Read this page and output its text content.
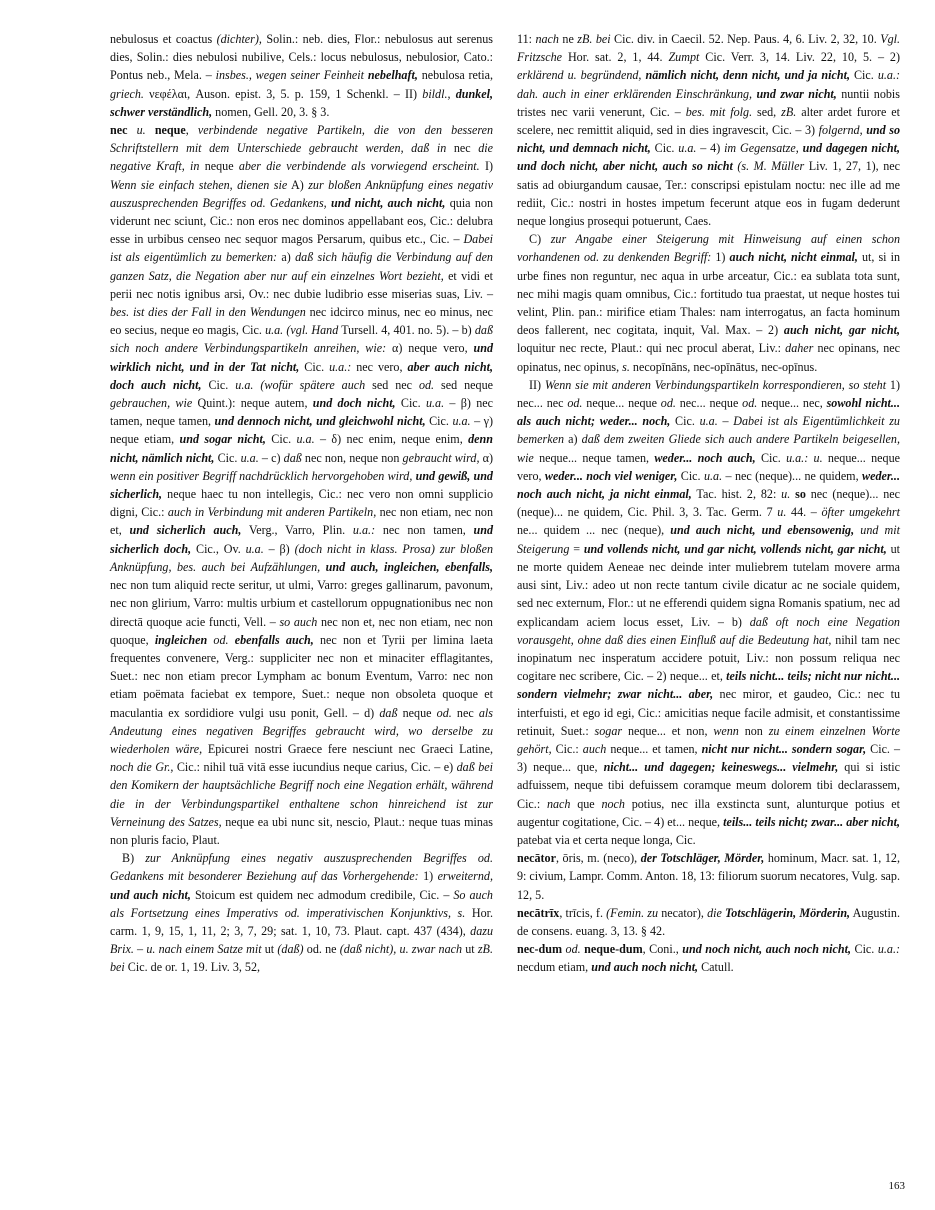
nebulosus et coactus (dichter), Solin.: neb. dies, Flor.: nebulosus aut serenus dies, Solin.: dies nebulosi nubilive, Cels.: locus nebulosus, nebulosior, Cato.: Pontus neb., Mela. – insbes., wegen seiner Feinheit nebelhaft, nebulosa retia, griech. νεφέλαι, Auson. epist. 3, 5. p. 159, 1 Schenkl. – II) bildl., dunkel, schwer verständlich, nomen, Gell. 20, 3. § 3.

nec u. neque, verbindende negative Partikeln, die von den besseren Schriftstellern mit dem Unterschiede gebraucht werden, daß in nec die negative Kraft, in neque aber die verbindende als vorwiegend erscheint. I) Wenn sie einfach stehen, dienen sie A) zur bloßen Anknüpfung eines negativ auszusprechenden Begriffes od. Gedankens, und nicht, auch nicht, quia non viderunt nec sciunt, Cic.: non eros nec dominos appellabant eos, Cic.: delubra esse in urbibus censeo nec sequor magos Persarum, quibus etc., Cic. – Dabei ist als eigentümlich zu bemerken: a) daß sich häufig die Verbindung auf den ganzen Satz, die Negation aber nur auf ein einzelnes Wort bezieht, et vidi et perii nec notis ignibus arsi, Ov.: nec dubie ludibrio esse miserias suas, Liv. – bes. ist dies der Fall in den Wendungen nec idcirco minus, nec eo minus, nec eo secius, neque eo magis, Cic. u.a. (vgl. Hand Tursell. 4, 401. no. 5). – b) daß sich noch andere Verbindungspartikeln anreihen, wie: α) neque vero, und wirklich nicht, und in der Tat nicht, Cic. u.a.: nec vero, aber auch nicht, doch auch nicht, Cic. u.a. (wofür spätere auch sed nec od. sed neque gebrauchen, wie Quint.): neque autem, und doch nicht, Cic. u.a. – β) nec tamen, neque tamen, und dennoch nicht, und gleichwohl nicht, Cic. u.a. – γ) neque etiam, und sogar nicht, Cic. u.a. – δ) nec enim, neque enim, denn nicht, nämlich nicht, Cic. u.a. – c) daß nec non, neque non gebraucht wird, α) wenn ein positiver Begriff nachdrücklich hervorgehoben wird, und gewiß, und sicherlich, neque haec tu non intellegis, Cic.: nec vero non omni supplicio digni, Cic.: auch in Verbindung mit anderen Partikeln, nec non etiam, nec non et, und sicherlich auch, Verg., Varro, Plin. u.a.: nec non tamen, und sicherlich doch, Cic., Ov. u.a. – β) (doch nicht in klass. Prosa) zur bloßen Anknüpfung, bes. auch bei Aufzählungen, und auch, ingleichen, ebenfalls, nec non tum aliquid recte seritur, ut ulmi, Varro: greges gallinarum, pavonum, nec non glirium, Varro: multis urbium et castellorum oppugnationibus nec non directā quoque acie functi, Vell. – so auch nec non et, nec non etiam, nec non quoque, ingleichen od. ebenfalls auch, nec non et Tyrii per limina laeta frequentes convenere, Verg.: suppliciter nec non et minaciter efflagitantes, Suet.: nec non etiam precor Lympham ac bonum Eventum, Varro: nec non etiam poëmata faciebat ex tempore, Suet.: neque non obsoleta quoque et maculantia ex sordidiore vulgi usu ponit, Gell. – d) daß neque od. nec als Andeutung eines negativen Begriffes gebraucht wird, wo derselbe zu wiederholen wäre, Epicurei nostri Graece fere nesciunt nec Graeci Latine, noch die Gr., Cic.: nihil tuā vitā esse iucundius neque carius, Cic. – e) daß bei den Komikern der hauptsächliche Begriff noch eine Negation erhält, während die in der Verbindungspartikel enthaltene schon hinreichend ist zur Verneinung des Satzes, neque ea ubi nunc sit, nescio, Plaut.: neque tuas minas non pluris facio, Plaut.

B) zur Anknüpfung eines negativ auszusprechenden Begriffes od. Gedankens mit besonderer Beziehung auf das Vorhergehende: 1) erweiternd, und auch nicht, Stoicum est quidem nec admodum credibile, Cic. – So auch als Fortsetzung eines Imperativs od. imperativischen Konjunktivs, s. Hor. carm. 1, 9, 15, 1, 11, 2; 3, 7, 29; sat. 1, 10, 73. Plaut. capt. 437 (434), dazu Brix. – u. nach einem Satze mit ut (daß) od. ne (daß nicht), u. zwar nach ut zB. bei Cic. de or. 1, 19. Liv. 3, 52,

11: nach ne zB. bei Cic. div. in Caecil. 52. Nep. Paus. 4, 6. Liv. 2, 32, 10. Vgl. Fritzsche Hor. sat. 2, 1, 44. Zumpt Cic. Verr. 3, 14. Liv. 22, 10, 5. – 2) erklärend u. begründend, nämlich nicht, denn nicht, und ja nicht, Cic. u.a.: dah. auch in einer erklärenden Einschränkung, und zwar nicht, nuntii nobis tristes nec varii venerunt, Cic. – bes. mit folg. sed, zB. alter ardet furore et scelere, nec remittit aliquid, sed in dies ingravescit, Cic. – 3) folgernd, und so nicht, und demnach nicht, Cic. u.a. – 4) im Gegensatze, und dagegen nicht, und doch nicht, aber nicht, auch so nicht (s. M. Müller Liv. 1, 27, 1), nec satis ad obiurgandum causae, Ter.: conscripsi epistulam noctu: nec ille ad me rediit, Cic.: nostri in hostes impetum fecerunt atque eos in fugam dederunt neque longius prosequi potuerunt, Caes.

C) zur Angabe einer Steigerung mit Hinweisung auf einen schon vorhandenen od. zu denkenden Begriff: 1) auch nicht, nicht einmal, ut, si in urbe fines non reguntur, nec aqua in urbe arceatur, Cic.: ea sublata tota sunt, nec mihi magis quam omnibus, Cic.: fortitudo tua praestat, ut neque hostes tui velint, Plin. pan.: mirifice etiam Thales: nam interrogatus, an facta hominum deos fallerent, nec cogitata, inquit, Val. Max. – 2) auch nicht, gar nicht, loquitur nec recte, Plaut.: qui nec procul aberat, Liv.: daher nec opinans, nec opinatus, nec opinus, s. necopīnāns, nec-opīnātus, nec-opīnus.

II) Wenn sie mit anderen Verbindungspartikeln korrespondieren, so steht 1) nec... nec od. neque... neque od. nec... neque od. neque... nec, sowohl nicht... als auch nicht; weder... noch, Cic. u.a. – Dabei ist als Eigentümlichkeit zu bemerken a) daß dem zweiten Gliede sich auch andere Partikeln beigesellen, wie neque... neque tamen, weder... noch auch, Cic. u.a.: u. neque... neque vero, weder... noch viel weniger, Cic. u.a. – nec (neque)... ne quidem, weder... noch auch nicht, ja nicht einmal, Tac. hist. 2, 82: u. so nec (neque)... nec (neque)... ne quidem, Cic. Phil. 3, 3. Tac. Germ. 7 u. 44. – öfter umgekehrt ne... quidem ... nec (neque), und auch nicht, und ebensowenig, und mit Steigerung = und vollends nicht, und gar nicht, vollends nicht, gar nicht, ut ne morte quidem Aeneae nec deinde inter muliebrem tutelam movere arma ausi sint, Liv.: adeo ut non recte tantum civile dicatur ac ne sociale quidem, sed nec externum, Flor.: ut ne efferendi quidem signa Romanis spatium, nec ad explicandam aciem locus esset, Liv. – b) daß oft noch eine Negation vorausgeht, ohne daß dies einen Einfluß auf die Bedeutung hat, nihil tam nec inopinatum nec insperatum accidere potuit, Liv.: non possum reliqua nec cogitare nec scribere, Cic. – 2) neque... et, teils nicht... teils; nicht nur nicht... sondern vielmehr; zwar nicht... aber, nec miror, et gaudeo, Cic.: nec tu interfuisti, et ego id egi, Cic.: amicitias neque facile admisit, et constantissime retinuit, Suet.: sogar neque... et non, wenn non zu einem einzelnen Worte gehört, Cic.: auch neque... et tamen, nicht nur nicht... sondern sogar, Cic. – 3) neque... que, nicht... und dagegen; keineswegs... vielmehr, qui si istic adfuissem, neque tibi defuissem coramque meum dolorem tibi declarassem, Cic.: nach que noch potius, nec illa exstincta sunt, alunturque potius et augentur cogitatione, Cic. – 4) et... neque, teils... teils nicht; zwar... aber nicht, patebat via et certa neque longa, Cic.

necātor, ōris, m. (neco), der Totschläger, Mörder, hominum, Macr. sat. 1, 12, 9: civium, Lampr. Comm. Anton. 18, 13: filiorum suorum necatores, Vulg. sap. 12, 5.

necātrīx, trīcis, f. (Femin. zu necator), die Totschlägerin, Mörderin, Augustin. de consens. euang. 3, 13. § 42.

nec-dum od. neque-dum, Coni., und noch nicht, auch noch nicht, Cic. u.a.: necdum etiam, und auch noch nicht, Catull.

163
